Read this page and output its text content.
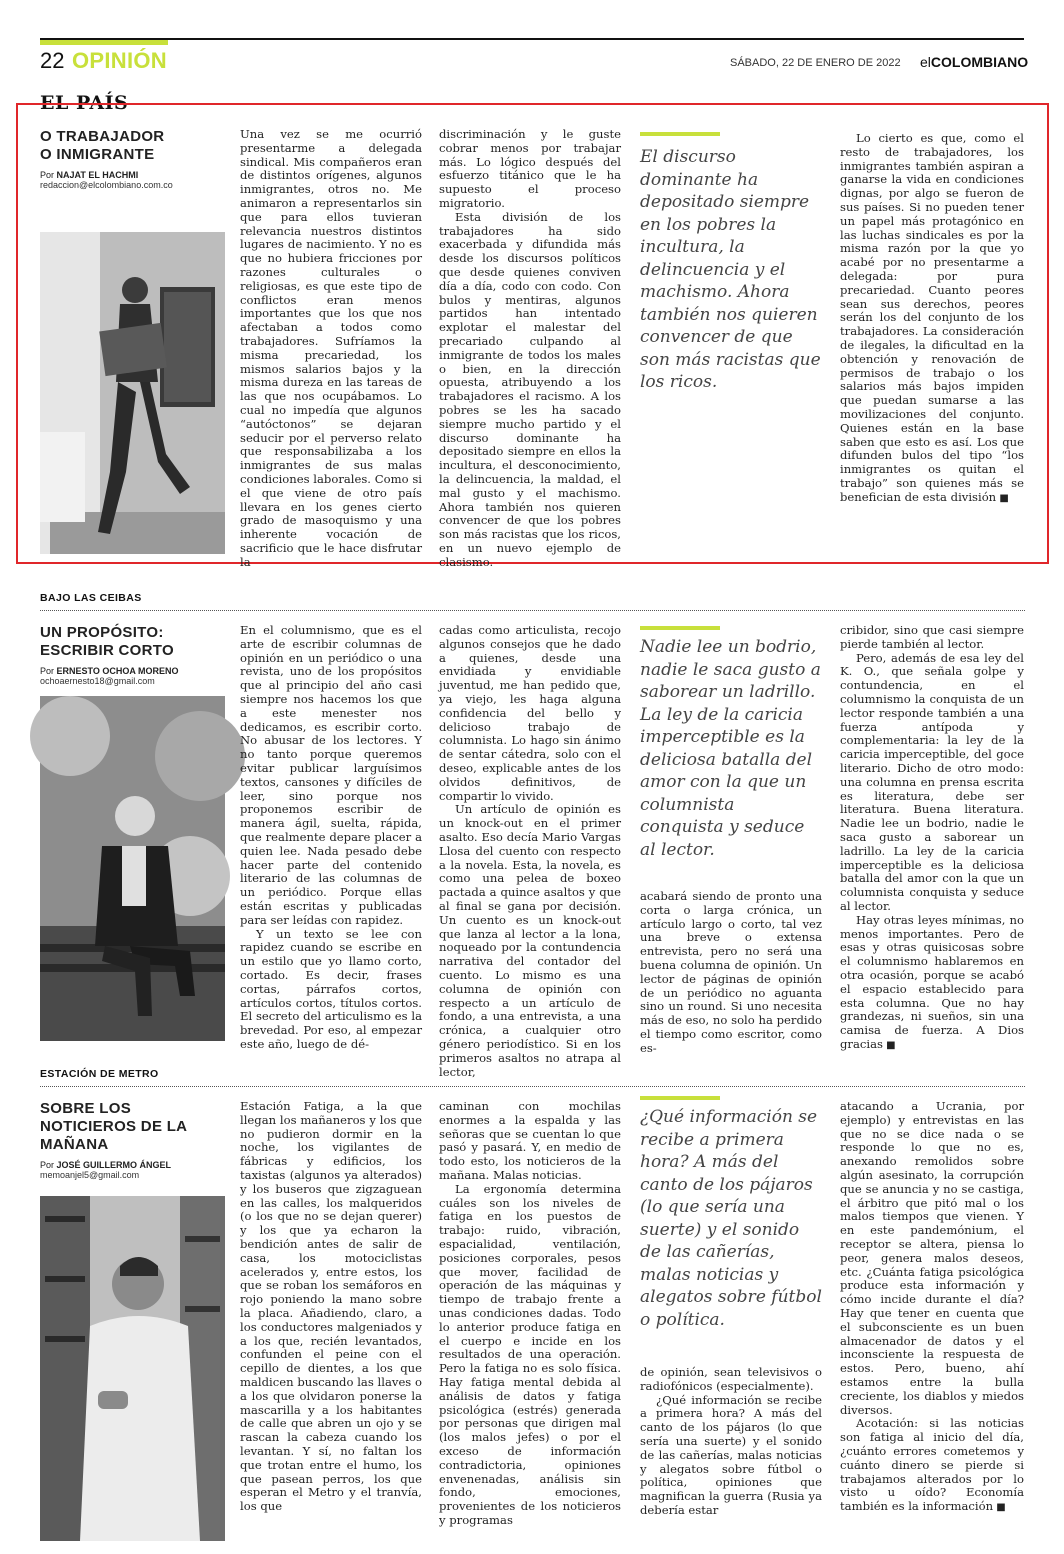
22 OPINIÓN	SÁBADO, 22 DE ENERO DE 2022 elCOLOMBIANO
EL PAÍS
O TRABAJADOR
O INMIGRANTE
Por NAJAT EL HACHMI
redaccion@elcolombiano.com.co

Una vez se me ocurrió presentarme a delegada sindical. Mis compañeros eran de distintos orígenes, algunos inmigrantes, otros no. Me animaron a representarlos sin que para ellos tuvieran relevancia nuestros distintos lugares de nacimiento. Y no es que no hubiera fricciones por razones culturales o religiosas, es que este tipo de conflictos eran menos importantes que los que nos afectaban a todos como trabajadores. Sufríamos la misma precariedad, los mismos salarios bajos y la misma dureza en las tareas de las que nos ocupábamos. Lo cual no impedía que algunos “autóctonos” se dejaran seducir por el perverso relato que responsabilizaba a los inmigrantes de sus malas condiciones laborales. Como si el que viene de otro país llevara en los genes cierto grado de masoquismo y una inherente vocación de sacrificio que le hace disfrutar la

discriminación y le guste cobrar menos por trabajar más. Lo lógico después del esfuerzo titánico que le ha supuesto el proceso migratorio.

Esta división de los trabajadores ha sido exacerbada y difundida más desde los discursos políticos que desde quienes conviven día a día, codo con codo. Con bulos y mentiras, algunos partidos han intentado explotar el malestar del precariado culpando al inmigrante de todos los males o bien, en la dirección opuesta, atribuyendo a los trabajadores el racismo. A los pobres se les ha sacado siempre mucho partido y el discurso dominante ha depositado siempre en ellos la incultura, el desconocimiento, la delincuencia, la maldad, el mal gusto y el machismo. Ahora también nos quieren convencer de que los pobres son más racistas que los ricos, en un nuevo ejemplo de clasismo.

El discurso dominante ha depositado siempre en los pobres la incultura, la delincuencia y el machismo. Ahora también nos quieren convencer de que son más racistas que los ricos.

Lo cierto es que, como el resto de trabajadores, los inmigrantes también aspiran a ganarse la vida en condiciones dignas, por algo se fueron de sus países. Si no pueden tener un papel más protagónico en las luchas sindicales es por la misma razón por la que yo acabé por no presentarme a delegada: por pura precariedad. Cuanto peores sean sus derechos, peores serán los del conjunto de los trabajadores. La consideración de ilegales, la dificultad en la obtención y renovación de permisos de trabajo o los salarios más bajos impiden que puedan sumarse a las movilizaciones del conjunto. Quienes están en la base saben que esto es así. Los que difunden bulos del tipo “los inmigrantes os quitan el trabajo” son quienes más se benefician de esta división ■

BAJO LAS CEIBAS
UN PROPÓSITO:
ESCRIBIR CORTO
Por ERNESTO OCHOA MORENO
ochoaernesto18@gmail.com

En el columnismo, que es el arte de escribir columnas de opinión en un periódico o una revista, uno de los propósitos que al principio del año casi siempre nos hacemos los que a este menester nos dedicamos, es escribir corto. No abusar de los lectores. Y no tanto porque queremos evitar publicar larguísimos textos, cansones y difíciles de leer, sino porque nos proponemos escribir de manera ágil, suelta, rápida, que realmente depare placer a quien lee. Nada pesado debe hacer parte del contenido literario de las columnas de un periódico. Porque ellas están escritas y publicadas para ser leídas con rapidez.

Y un texto se lee con rapidez cuando se escribe en un estilo que yo llamo corto, cortado. Es decir, frases cortas, párrafos cortos, artículos cortos, títulos cortos. El secreto del articulismo es la brevedad. Por eso, al empezar este año, luego de dé-

cadas como articulista, recojo algunos consejos que he dado a quienes, desde una envidiada y envidiable juventud, me han pedido que, ya viejo, les haga alguna confidencia del bello y delicioso trabajo de columnista. Lo hago sin ánimo de sentar cátedra, solo con el deseo, explicable antes de los olvidos definitivos, de compartir lo vivido.

Un artículo de opinión es un knock-out en el primer asalto. Eso decía Mario Vargas Llosa del cuento con respecto a la novela. Esta, la novela, es como una pelea de boxeo pactada a quince asaltos y que al final se gana por decisión. Un cuento es un knock-out que lanza al lector a la lona, noqueado por la contundencia narrativa del contador del cuento. Lo mismo es una columna de opinión con respecto a un artículo de fondo, a una entrevista, a una crónica, a cualquier otro género periodístico. Si en los primeros asaltos no atrapa al lector,

Nadie lee un bodrio, nadie le saca gusto a saborear un ladrillo. La ley de la caricia imperceptible es la deliciosa batalla del amor con la que un columnista conquista y seduce al lector.

acabará siendo de pronto una corta o larga crónica, un artículo largo o corto, tal vez una breve o extensa entrevista, pero no será una buena columna de opinión. Un lector de páginas de opinión de un periódico no aguanta sino un round. Si uno necesita más de eso, no solo ha perdido el tiempo como escritor, como es-

cribidor, sino que casi siempre pierde también al lector.

Pero, además de esa ley del K. O., que señala golpe y contundencia, en el columnismo la conquista de un lector responde también a una fuerza antípoda y complementaria: la ley de la caricia imperceptible, del goce literario. Dicho de otro modo: una columna en prensa escrita es literatura, debe ser literatura. Buena literatura. Nadie lee un bodrio, nadie le saca gusto a saborear un ladrillo. La ley de la caricia imperceptible es la deliciosa batalla del amor con la que un columnista conquista y seduce al lector.

Hay otras leyes mínimas, no menos importantes. Pero de esas y otras quisicosas sobre el columnismo hablaremos en otra ocasión, porque se acabó el espacio establecido para esta columna. Que no hay grandezas, ni sueños, sin una camisa de fuerza. A Dios gracias ■

ESTACIÓN DE METRO
SOBRE LOS
NOTICIEROS DE LA
MAÑANA
Por JOSÉ GUILLERMO ÁNGEL
memoanjel5@gmail.com

Estación Fatiga, a la que llegan los mañaneros y los que no pudieron dormir en la noche, los vigilantes de fábricas y edificios, los taxistas (algunos ya alterados) y los buseros que zigzaguean en las calles, los malqueridos (o los que no se dejan querer) y los que ya echaron la bendición antes de salir de casa, los motociclistas acelerados y, entre estos, los que se roban los semáforos en rojo poniendo la mano sobre la placa. Añadiendo, claro, a los conductores malgeniados y a los que, recién levantados, confunden el peine con el cepillo de dientes, a los que maldicen buscando las llaves o a los que olvidaron ponerse la mascarilla y a los habitantes de calle que abren un ojo y se rascan la cabeza cuando los levantan. Y sí, no faltan los que trotan entre el humo, los que pasean perros, los que esperan el Metro y el tranvía, los que

caminan con mochilas enormes a la espalda y las señoras que se cuentan lo que pasó y pasará. Y, en medio de todo esto, los noticieros de la mañana. Malas noticias.

La ergonomía determina cuáles son los niveles de fatiga en los puestos de trabajo: ruido, vibración, espacialidad, ventilación, posiciones corporales, pesos que mover, facilidad de operación de las máquinas y tiempo de trabajo frente a unas condiciones dadas. Todo lo anterior produce fatiga en el cuerpo e incide en los resultados de una operación. Pero la fatiga no es solo física. Hay fatiga mental debida al análisis de datos y fatiga psicológica (estrés) generada por personas que dirigen mal (los malos jefes) o por el exceso de información contradictoria, opiniones envenenadas, análisis sin fondo, emociones, provenientes de los noticieros y programas

¿Qué información se recibe a primera hora? A más del canto de los pájaros (lo que sería una suerte) y el sonido de las cañerías, malas noticias y alegatos sobre fútbol o política.

de opinión, sean televisivos o radiofónicos (especialmente).

¿Qué información se recibe a primera hora? A más del canto de los pájaros (lo que sería una suerte) y el sonido de las cañerías, malas noticias y alegatos sobre fútbol o política, opiniones que magnifican la guerra (Rusia ya debería estar

atacando a Ucrania, por ejemplo) y entrevistas en las que no se dice nada o se responde lo que no es, anexando remolidos sobre algún asesinato, la corrupción que se anuncia y no se castiga, el árbitro que pitó mal o los malos tiempos que vienen. Y en este pandemónium, el receptor se altera, piensa lo peor, genera malos deseos, etc. ¿Cuánta fatiga psicológica produce esta información y cómo incide durante el día? Hay que tener en cuenta que el subconsciente es un buen almacenador de datos y el inconsciente la respuesta de estos. Pero, bueno, ahí estamos entre la bulla creciente, los diablos y miedos diversos.

Acotación: si las noticias son fatiga al inicio del día, ¿cuánto errores cometemos y cuánto dinero se pierde si trabajamos alterados por lo visto u oído? Economía también es la información ■
